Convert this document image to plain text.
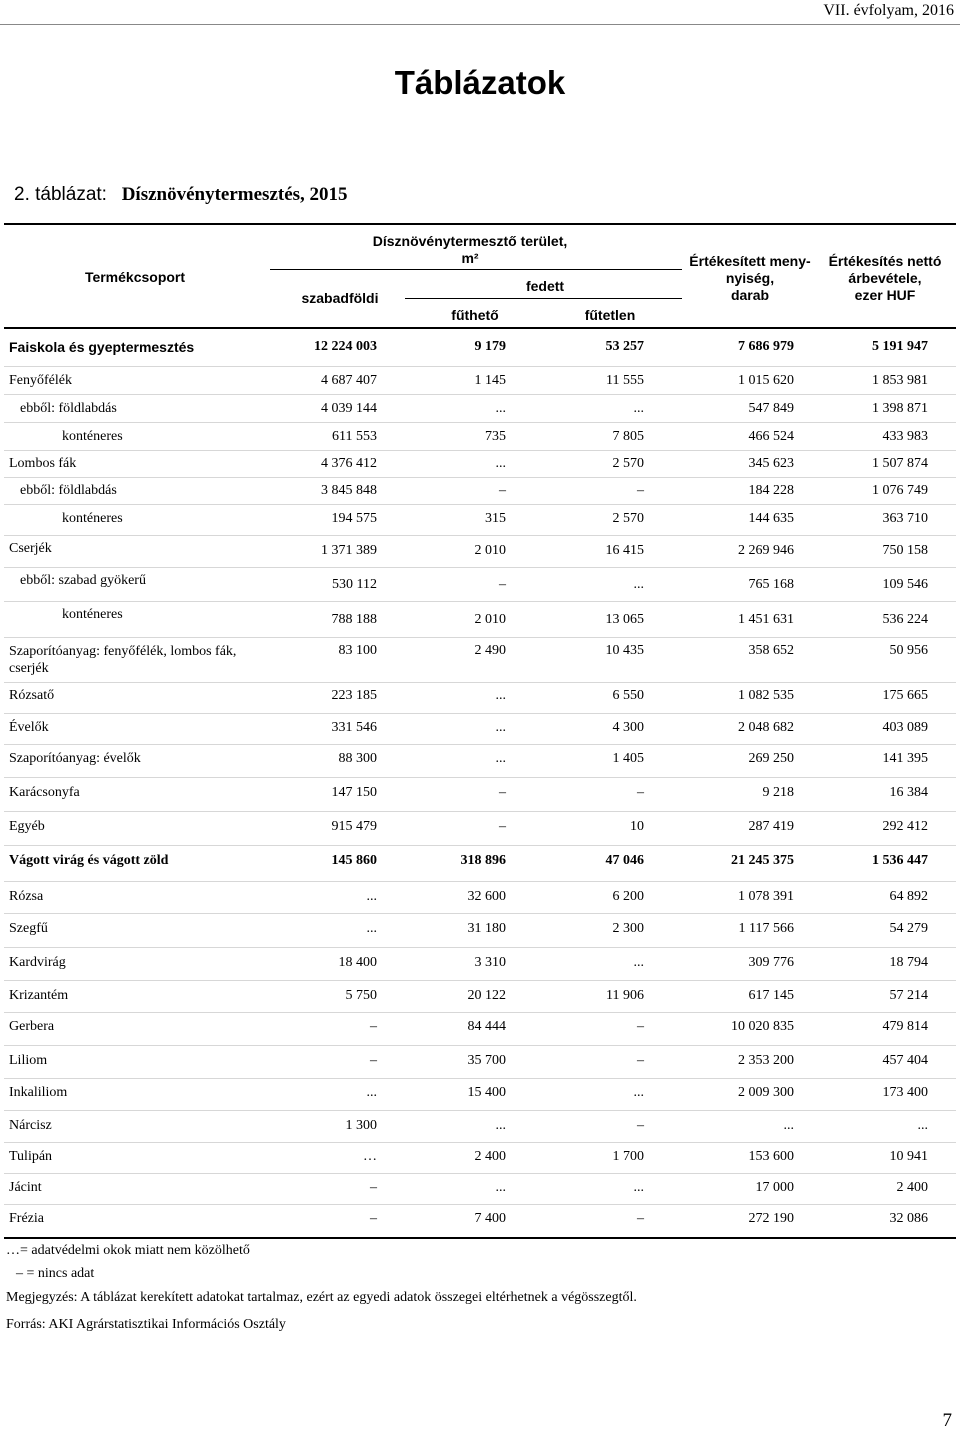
VII. évfolyam, 2016
Táblázatok
2. táblázat: Dísznövénytermesztés, 2015
Termékcsoport
Dísznövénytermesztő terület,
m²
szabadföldi
fedett
fűthető	fűtetlen
Értékesített meny-
nyiség,
darab
Értékesítés nettó
árbevétele,
ezer HUF
Faiskola és gyeptermesztés	12 224 003	9 179	53 257	7 686 979	5 191 947
Fenyőfélék	4 687 407	1 145	11 555	1 015 620	1 853 981
ebből: földlabdás	4 039 144	...	...	547 849	1 398 871
konténeres	611 553	735	7 805	466 524	433 983
Lombos fák	4 376 412	...	2 570	345 623	1 507 874
ebből: földlabdás	3 845 848	–	–	184 228	1 076 749
konténeres	194 575	315	2 570	144 635	363 710
Cserjék	1 371 389	2 010	16 415	2 269 946	750 158
ebből: szabad gyökerű	530 112	–	...	765 168	109 546
konténeres	788 188	2 010	13 065	1 451 631	536 224
Szaporítóanyag: fenyőfélék, lombos fák, cserjék
83 100	2 490	10 435	358 652	50 956
Rózsatő	223 185	...	6 550	1 082 535	175 665
Évelők	331 546	...	4 300	2 048 682	403 089
Szaporítóanyag: évelők	88 300	...	1 405	269 250	141 395
Karácsonyfa	147 150	–	–	9 218	16 384
Egyéb	915 479	–	10	287 419	292 412
Vágott virág és vágott zöld	145 860	318 896	47 046	21 245 375	1 536 447
Rózsa	...	32 600	6 200	1 078 391	64 892
Szegfű	...	31 180	2 300	1 117 566	54 279
Kardvirág	18 400	3 310	...	309 776	18 794
Krizantém	5 750	20 122	11 906	617 145	57 214
Gerbera	–	84 444	–	10 020 835	479 814
Liliom	–	35 700	–	2 353 200	457 404
Inkaliliom	...	15 400	...	2 009 300	173 400
Nárcisz	1 300	...	–	...	...
Tulipán	…	2 400	1 700	153 600	10 941
Jácint	–	...	...	17 000	2 400
Frézia	–	7 400	–	272 190	32 086
…= adatvédelmi okok miatt nem közölhető
– = nincs adat
Megjegyzés: A táblázat kerekített adatokat tartalmaz, ezért az egyedi adatok összegei eltérhetnek a végösszegtől.
Forrás: AKI Agrárstatisztikai Információs Osztály
7
